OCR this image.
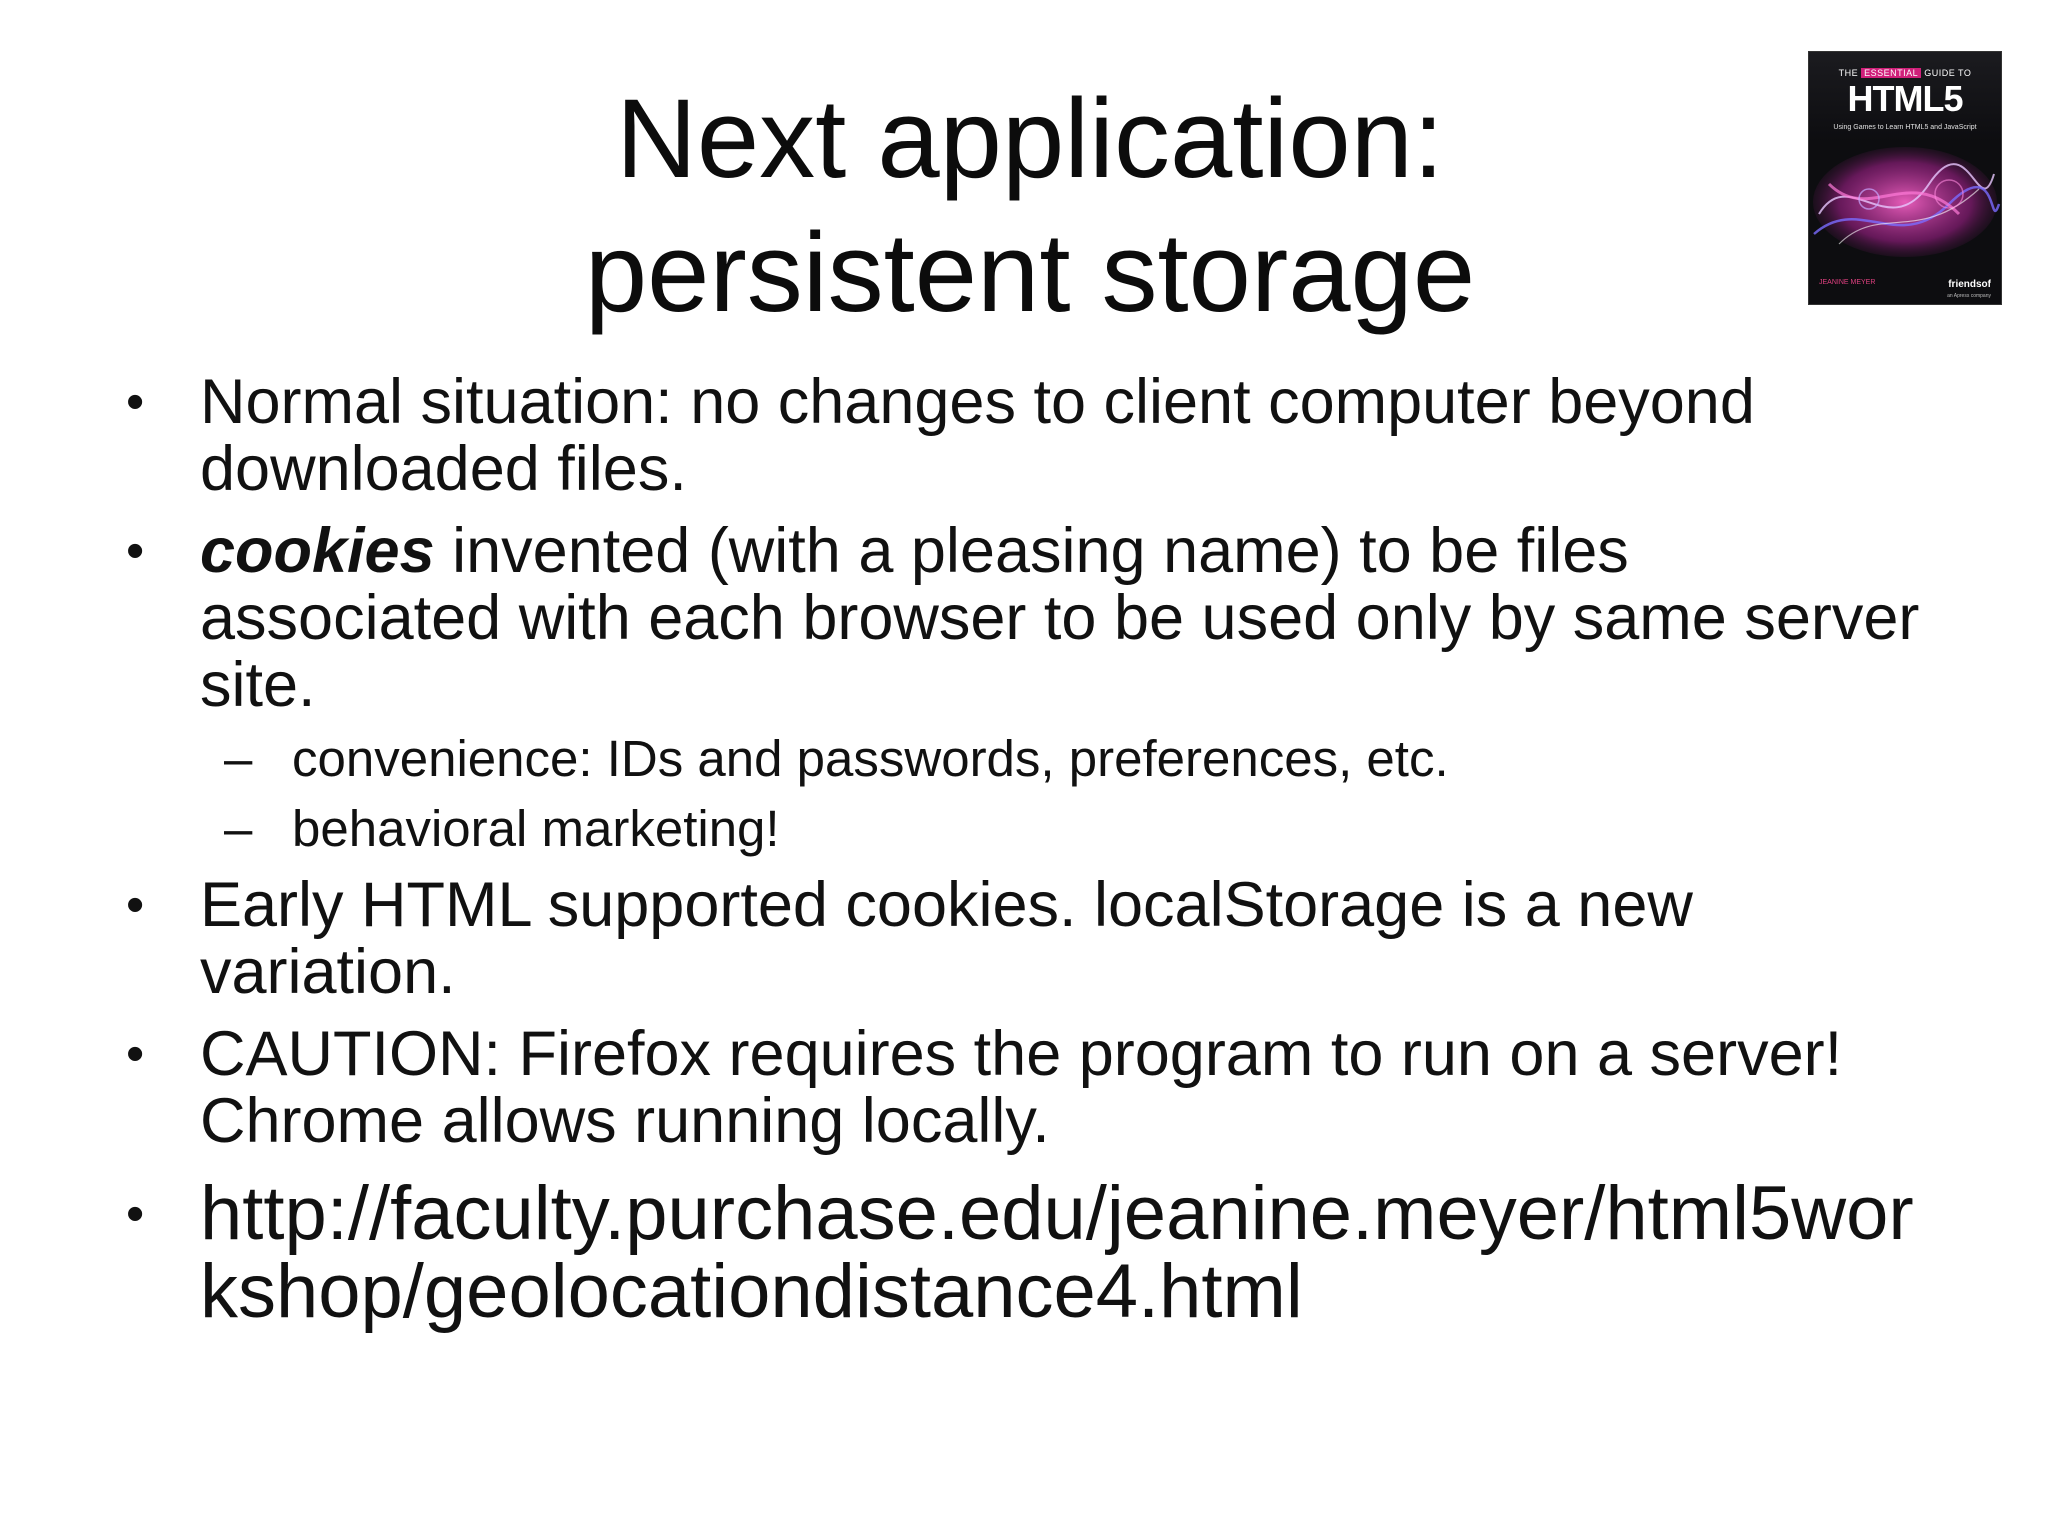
Next application:
persistent storage
THE ESSENTIAL GUIDE TO
HTML5
Using Games to Learn HTML5 and JavaScript
JEANINE MEYER	friendsof
an Apress company
• Normal situation: no changes to client computer beyond downloaded files.
• cookies invented (with a pleasing name) to be files associated with each browser to be used only by same server site.
– convenience: IDs and passwords, preferences, etc.
– behavioral marketing!
• Early HTML supported cookies. localStorage is a new variation.
• CAUTION: Firefox requires the program to run on a server! Chrome allows running locally.
• http://faculty.purchase.edu/jeanine.meyer/html5workshop/geolocationdistance4.html
